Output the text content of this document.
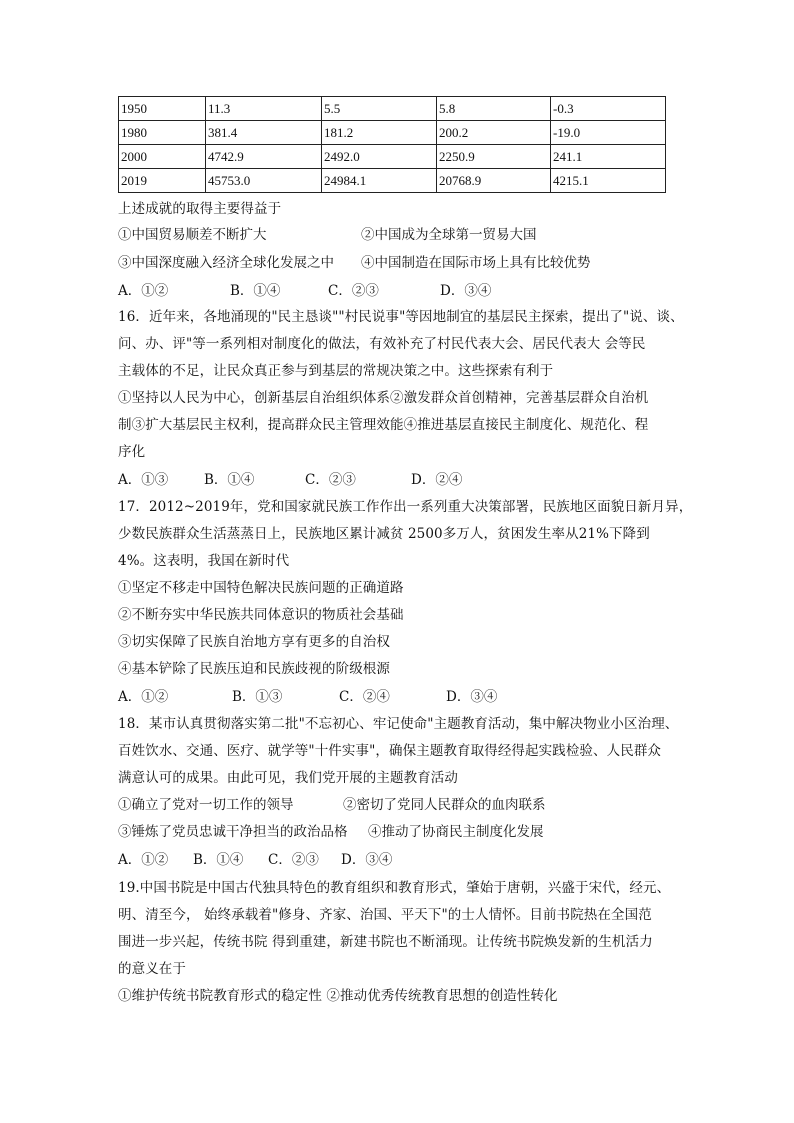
1950	11.3	5.5	5.8	-0.3
1980	381.4	181.2	200.2	-19.0
2000	4742.9	2492.0	2250.9	241.1
2019	45753.0	24984.1	20768.9	4215.1
上述成就的取得主要得益于
①中国贸易顺差不断扩大	②中国成为全球第一贸易大国
③中国深度融入经济全球化发展之中 ④中国制造在国际市场上具有比较优势
A．①②	B．①④	C．②③	D．③④
16．近年来，各地涌现的"民主恳谈""村民说事"等因地制宜的基层民主探索，提出了"说、谈、
问、办、评"等一系列相对制度化的做法，有效补充了村民代表大会、居民代表大 会等民
主载体的不足，让民众真正参与到基层的常规决策之中。这些探索有利于
①坚持以人民为中心，创新基层自治组织体系②激发群众首创精神，完善基层群众自治机
制③扩大基层民主权利，提高群众民主管理效能④推进基层直接民主制度化、规范化、程
序化
A．①③	B．①④	C．②③	D．②④
17．2012~2019年，党和国家就民族工作作出一系列重大决策部署，民族地区面貌日新月异，
少数民族群众生活蒸蒸日上，民族地区累计减贫 2500多万人，贫困发生率从21%下降到
4%。这表明，我国在新时代
①坚定不移走中国特色解决民族问题的正确道路
②不断夯实中华民族共同体意识的物质社会基础
③切实保障了民族自治地方享有更多的自治权
④基本铲除了民族压迫和民族歧视的阶级根源
A．①②	B．①③	C．②④	D．③④
18．某市认真贯彻落实第二批"不忘初心、牢记使命"主题教育活动，集中解决物业小区治理、
百姓饮水、交通、医疗、就学等"十件实事"，确保主题教育取得经得起实践检验、人民群众
满意认可的成果。由此可见，我们党开展的主题教育活动
①确立了党对一切工作的领导	②密切了党同人民群众的血肉联系
③锤炼了党员忠诚干净担当的政治品格 ④推动了协商民主制度化发展
A．①② B．①④ C．②③ D．③④
19.中国书院是中国古代独具特色的教育组织和教育形式，肇始于唐朝，兴盛于宋代，经元、
明、清至今， 始终承载着"修身、齐家、治国、平天下"的士人情怀。目前书院热在全国范
围进一步兴起，传统书院 得到重建，新建书院也不断涌现。让传统书院焕发新的生机活力
的意义在于
①维护传统书院教育形式的稳定性 ②推动优秀传统教育思想的创造性转化
